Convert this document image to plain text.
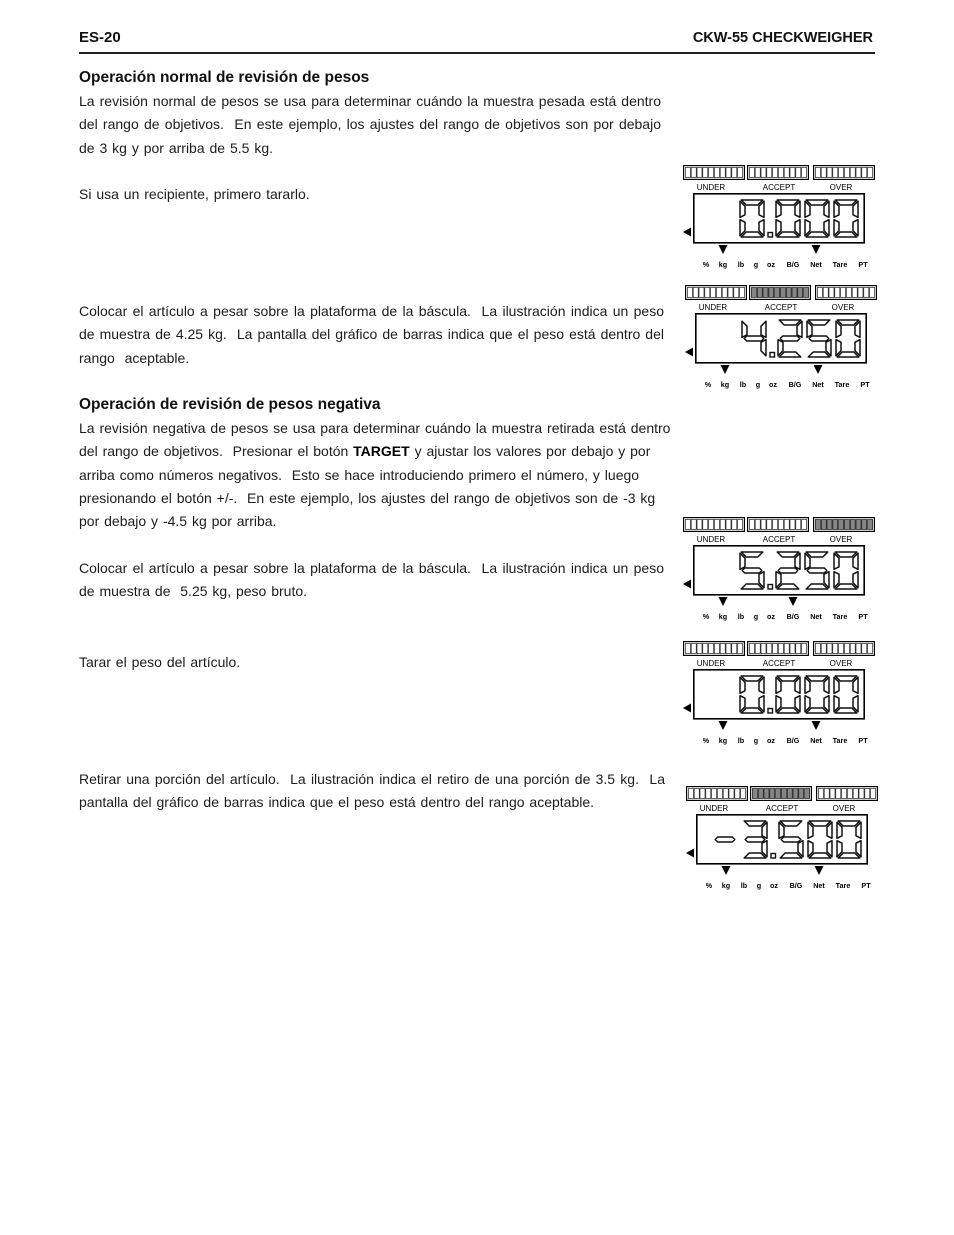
ES-20	CKW-55 CHECKWEIGHER
Operación normal de revisión de pesos
La revisión normal de pesos se usa para determinar cuándo la muestra pesada está dentro
del rango de objetivos.  En este ejemplo, los ajustes del rango de objetivos son por debajo
de 3 kg y por arriba de 5.5 kg.
Si usa un recipiente, primero tararlo.
Colocar el artículo a pesar sobre la plataforma de la báscula.  La ilustración indica un peso
de muestra de 4.25 kg.  La pantalla del gráfico de barras indica que el peso está dentro del
rango  aceptable.
Operación de revisión de pesos negativa
La revisión negativa de pesos se usa para determinar cuándo la muestra retirada está dentro
del rango de objetivos.  Presionar el botón TARGET y ajustar los valores por debajo y por
arriba como números negativos.  Esto se hace introduciendo primero el número, y luego
presionando el botón +/-.  En este ejemplo, los ajustes del rango de objetivos son de -3 kg
por debajo y -4.5 kg por arriba.
Colocar el artículo a pesar sobre la plataforma de la báscula.  La ilustración indica un peso
de muestra de  5.25 kg, peso bruto.
Tarar el peso del artículo.
Retirar una porción del artículo.  La ilustración indica el retiro de una porción de 3.5 kg.  La
pantalla del gráfico de barras indica que el peso está dentro del rango aceptable.
UNDER	ACCEPT	OVER
% kg lb g oz B/G Net Tare PT
UNDER	ACCEPT	OVER
% kg lb g oz B/G Net Tare PT
UNDER	ACCEPT	OVER
% kg lb g oz B/G Net Tare PT
UNDER	ACCEPT	OVER
% kg lb g oz B/G Net Tare PT
UNDER	ACCEPT	OVER
% kg lb g oz B/G Net Tare PT
